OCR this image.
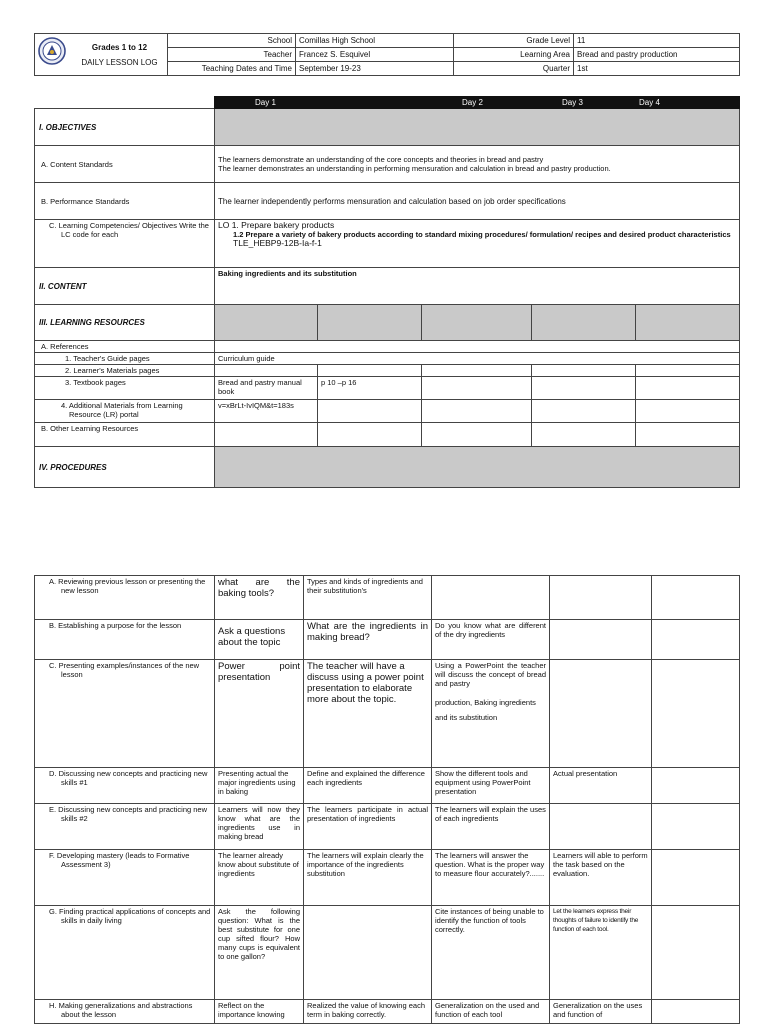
Grades 1 to 12
DAILY LESSON LOG	School	Comillas High School	Grade Level	11
	Teacher	Francez S. Esquivel	Learning Area	Bread and pastry production
	Teaching Dates and Time	September 19-23	Quarter	1st
	Day 1		Day 2	Day 3	Day 4
I. OBJECTIVES					
A. Content Standards	The learners demonstrate an understanding of the core concepts and theories in bread and pastry
The learner demonstrates an understanding in performing mensuration and calculation in bread and pastry production.				

B. Performance Standards	The learner independently performs mensuration and calculation based on job order specifications				
C. Learning Competencies/ Objectives Write the LC code for each	LO 1. Prepare bakery products
1.2 Prepare a variety of bakery products according to standard mixing procedures/ formulation/ recipes and desired product characteristics
TLE_HEBP9-12B-Ia-f-1				

II. CONTENT	Baking ingredients and its substitution				
III. LEARNING RESOURCES					
A. References					
1. Teacher's Guide pages	Curriculum guide				
2. Learner's Materials pages					
3. Textbook pages	Bread and pastry manual book	p 10 –p 16			
4. Additional Materials from Learning Resource (LR) portal	v=xBrLt-IvIQM&t=183s				
B. Other Learning Resources					
IV. PROCEDURES					
A. Reviewing previous lesson or presenting the new lesson	what are the baking tools?	Types and kinds of ingredients and their substitution's			
B. Establishing a purpose for the lesson	Ask a questions about the topic	What are the ingredients in making bread?	Do you know what are different of the dry ingredients		
C. Presenting examples/instances of the new lesson	Power point presentation	The teacher will have a discuss using a power point presentation to elaborate more about the topic.	Using a PowerPoint the teacher will discuss the concept of bread and pastry
production, Baking ingredients and its substitution		

D. Discussing new concepts and practicing new skills #1	Presenting actual the major ingredients using in baking	Define and explained the difference each ingredients	Show the different tools and equipment using PowerPoint presentation	Actual presentation	
E. Discussing new concepts and practicing new skills #2	Learners will now they know what are the ingredients use in making bread	The learners participate in actual presentation of ingredients	The learners will explain the uses of each ingredients		
F. Developing mastery (leads to Formative Assessment 3)	The learner already know about substitute of ingredients	The learners will explain clearly the importance of the ingredients substitution	The learners will answer the question. What is the proper way to measure flour accurately?.......	Learners will able to perform the task based on the evaluation.	
G. Finding practical applications of concepts and skills in daily living	Ask the following question: What is the best substitute for one cup sifted flour? How many cups is equivalent to one gallon?		Cite instances of being unable to identify the function of tools correctly.	Let the learners express their thoughts of failure to identify the function of each tool.	
H. Making generalizations and abstractions about the lesson	Reflect on the importance knowing	Realized the value of knowing each term in baking correctly.	Generalization on the used and function of each tool	Generalization on the uses and function of	
